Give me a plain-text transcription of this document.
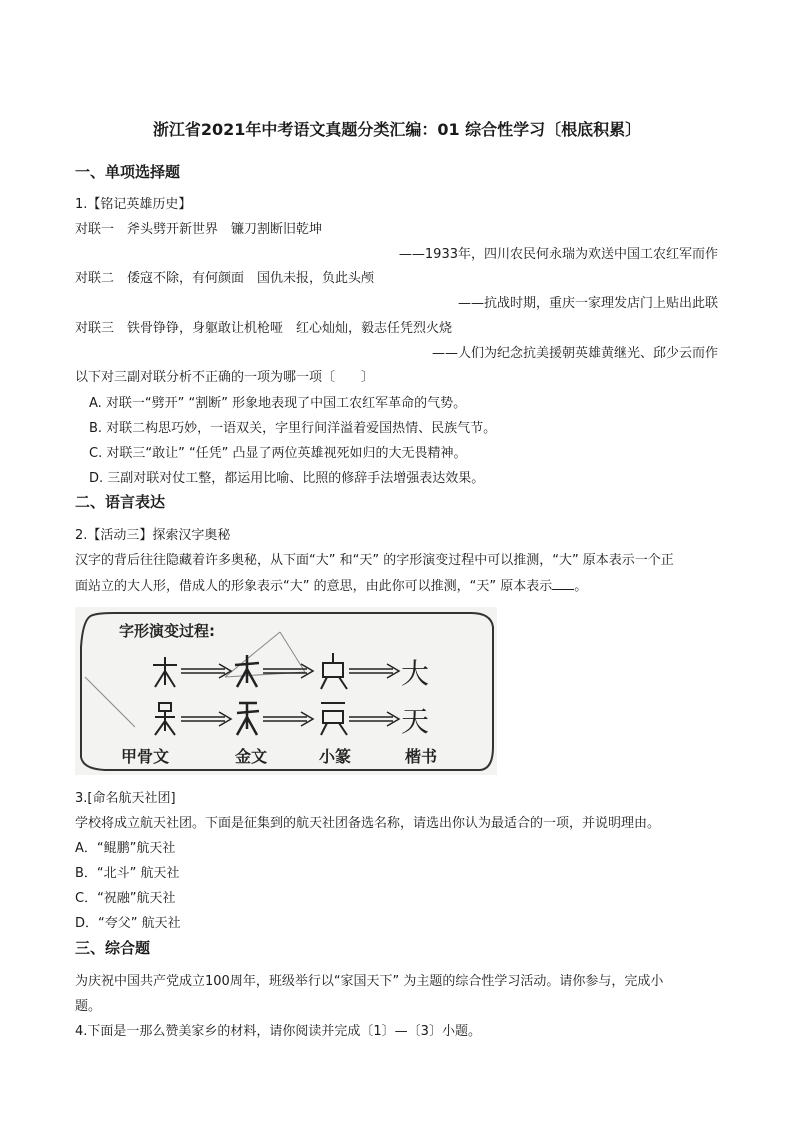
浙江省2021年中考语文真题分类汇编：01 综合性学习〔根底积累〕
一、单项选择题
1.【铭记英雄历史】
对联一　斧头劈开新世界　镰刀割断旧乾坤
——1933年，四川农民何永瑞为欢送中国工农红军而作
对联二　倭寇不除，有何颜面　国仇未报，负此头颅
——抗战时期，重庆一家理发店门上贴出此联
对联三　铁骨铮铮，身躯敢让机枪哑　红心灿灿，毅志任凭烈火烧
——人们为纪念抗美援朝英雄黄继光、邱少云而作
以下对三副对联分析不正确的一项为哪一项〔　　〕
A. 对联一“劈开” “割断” 形象地表现了中国工农红军革命的气势。
B. 对联二构思巧妙，一语双关，字里行间洋溢着爱国热情、民族气节。
C. 对联三“敢让” “任凭” 凸显了两位英雄视死如归的大无畏精神。
D. 三副对联对仗工整，都运用比喻、比照的修辞手法增强表达效果。
二、语言表达
2.【活动三】探索汉字奥秘
汉字的背后往往隐藏着许多奥秘，从下面“大” 和“天” 的字形演变过程中可以推测，“大” 原本表示一个正
面站立的大人形，借成人的形象表示“大” 的意思，由此你可以推测，“天” 原本表示 。
字形演变过程:
大
天
甲骨文	金文	小篆	楷书
3.[命名航天社团]
学校将成立航天社团。下面是征集到的航天社团备选名称，请选出你认为最适合的一项，并说明理由。
A．“鲲鹏”航天社
B．“北斗” 航天社
C．“祝融”航天社
D．“夸父” 航天社
三、综合题
为庆祝中国共产党成立100周年，班级举行以“家国天下” 为主题的综合性学习活动。请你参与，完成小
题。
4.下面是一那么赞美家乡的材料，请你阅读并完成〔1〕—〔3〕小题。
